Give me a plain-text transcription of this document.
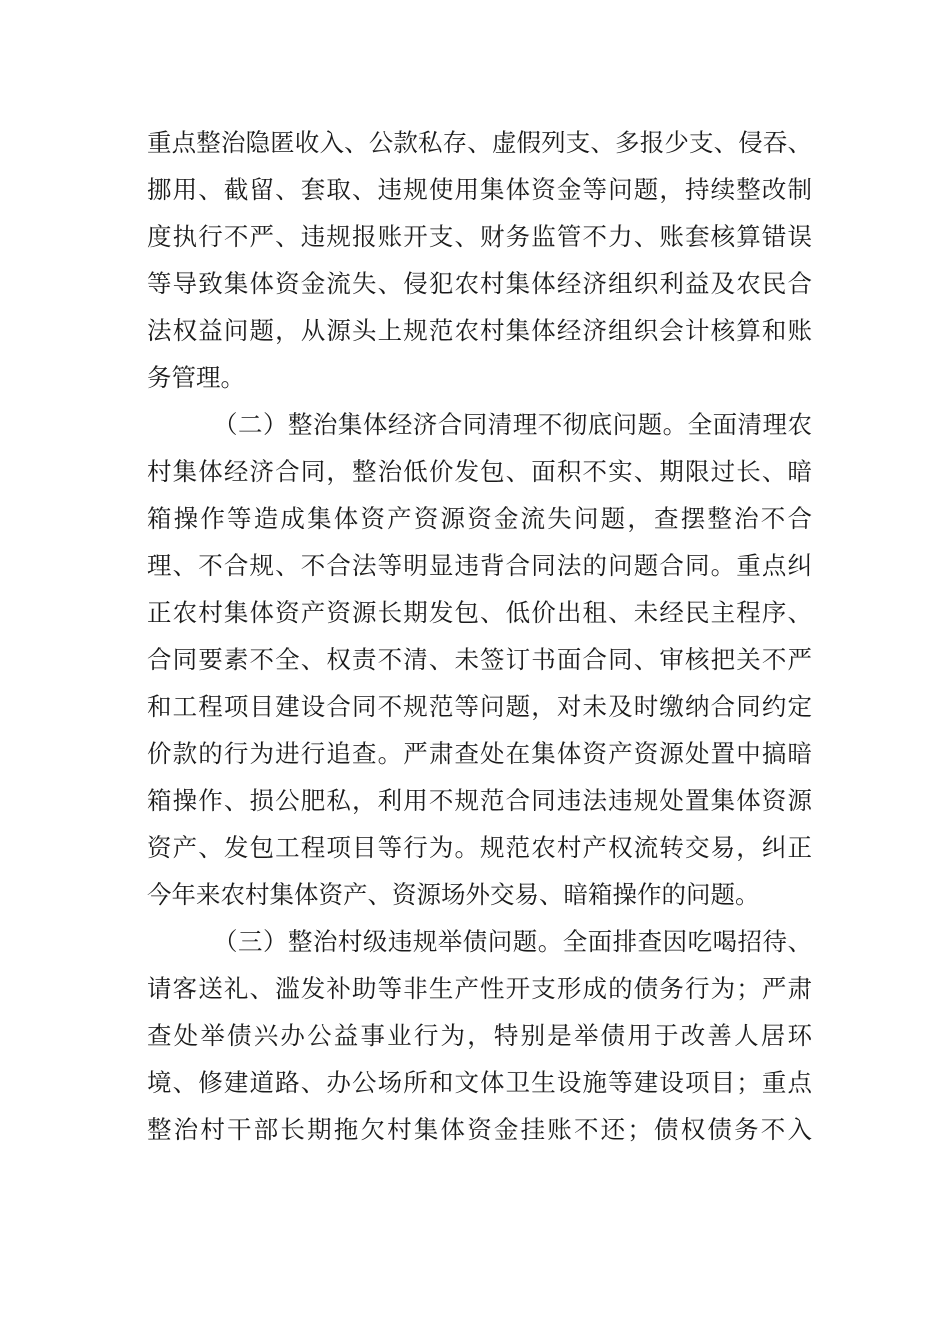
重点整治隐匿收入、公款私存、虚假列支、多报少支、侵吞、
挪用、截留、套取、违规使用集体资金等问题，持续整改制
度执行不严、违规报账开支、财务监管不力、账套核算错误
等导致集体资金流失、侵犯农村集体经济组织利益及农民合
法权益问题，从源头上规范农村集体经济组织会计核算和账
务管理。
（二）整治集体经济合同清理不彻底问题。全面清理农
村集体经济合同，整治低价发包、面积不实、期限过长、暗
箱操作等造成集体资产资源资金流失问题，查摆整治不合
理、不合规、不合法等明显违背合同法的问题合同。重点纠
正农村集体资产资源长期发包、低价出租、未经民主程序、
合同要素不全、权责不清、未签订书面合同、审核把关不严
和工程项目建设合同不规范等问题，对未及时缴纳合同约定
价款的行为进行追查。严肃查处在集体资产资源处置中搞暗
箱操作、损公肥私，利用不规范合同违法违规处置集体资源
资产、发包工程项目等行为。规范农村产权流转交易，纠正
今年来农村集体资产、资源场外交易、暗箱操作的问题。
（三）整治村级违规举债问题。全面排查因吃喝招待、
请客送礼、滥发补助等非生产性开支形成的债务行为；严肃
查处举债兴办公益事业行为，特别是举债用于改善人居环
境、修建道路、办公场所和文体卫生设施等建设项目；重点
整治村干部长期拖欠村集体资金挂账不还；债权债务不入
